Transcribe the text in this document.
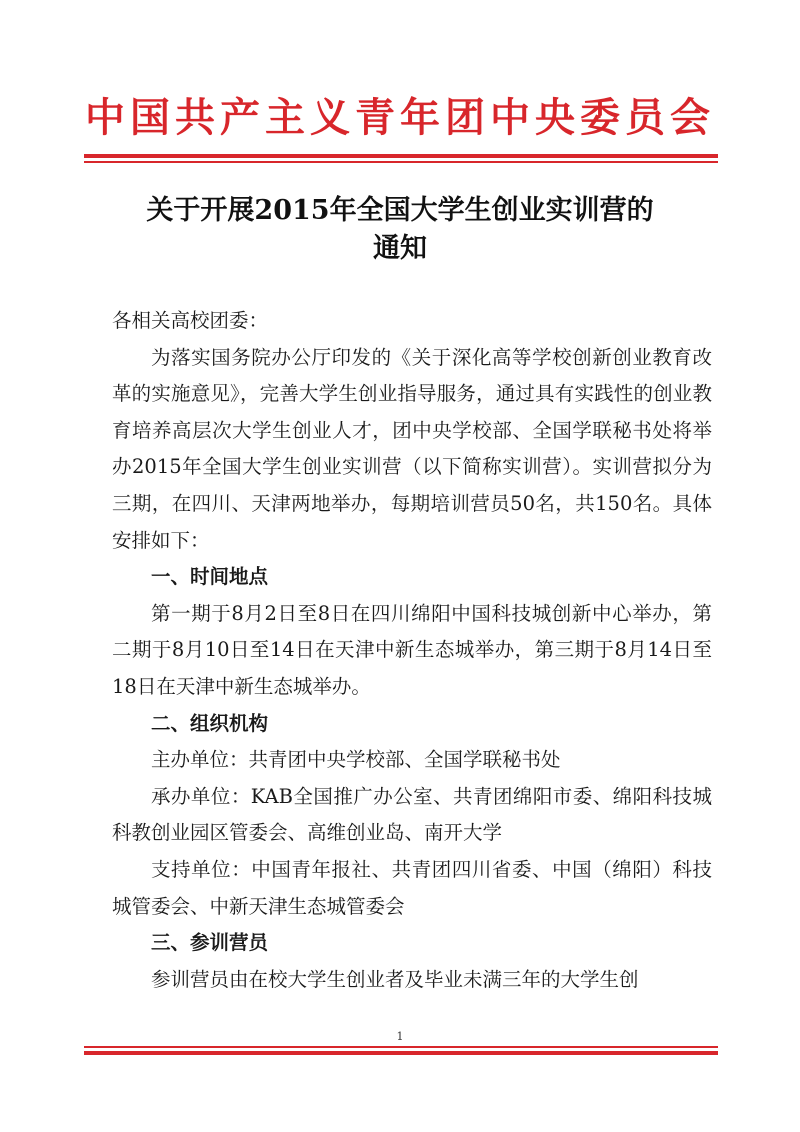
中国共产主义青年团中央委员会
关于开展2015年全国大学生创业实训营的
通知

各相关高校团委：

为落实国务院办公厅印发的《关于深化高等学校创新创业教育改革的实施意见》，完善大学生创业指导服务，通过具有实践性的创业教育培养高层次大学生创业人才，团中央学校部、全国学联秘书处将举办2015年全国大学生创业实训营（以下简称实训营）。实训营拟分为三期，在四川、天津两地举办，每期培训营员50名，共150名。具体安排如下：

一、时间地点

第一期于8月2日至8日在四川绵阳中国科技城创新中心举办，第二期于8月10日至14日在天津中新生态城举办，第三期于8月14日至18日在天津中新生态城举办。

二、组织机构

主办单位：共青团中央学校部、全国学联秘书处

承办单位：KAB全国推广办公室、共青团绵阳市委、绵阳科技城科教创业园区管委会、高维创业岛、南开大学

支持单位：中国青年报社、共青团四川省委、中国（绵阳）科技城管委会、中新天津生态城管委会

三、参训营员

参训营员由在校大学生创业者及毕业未满三年的大学生创

1
